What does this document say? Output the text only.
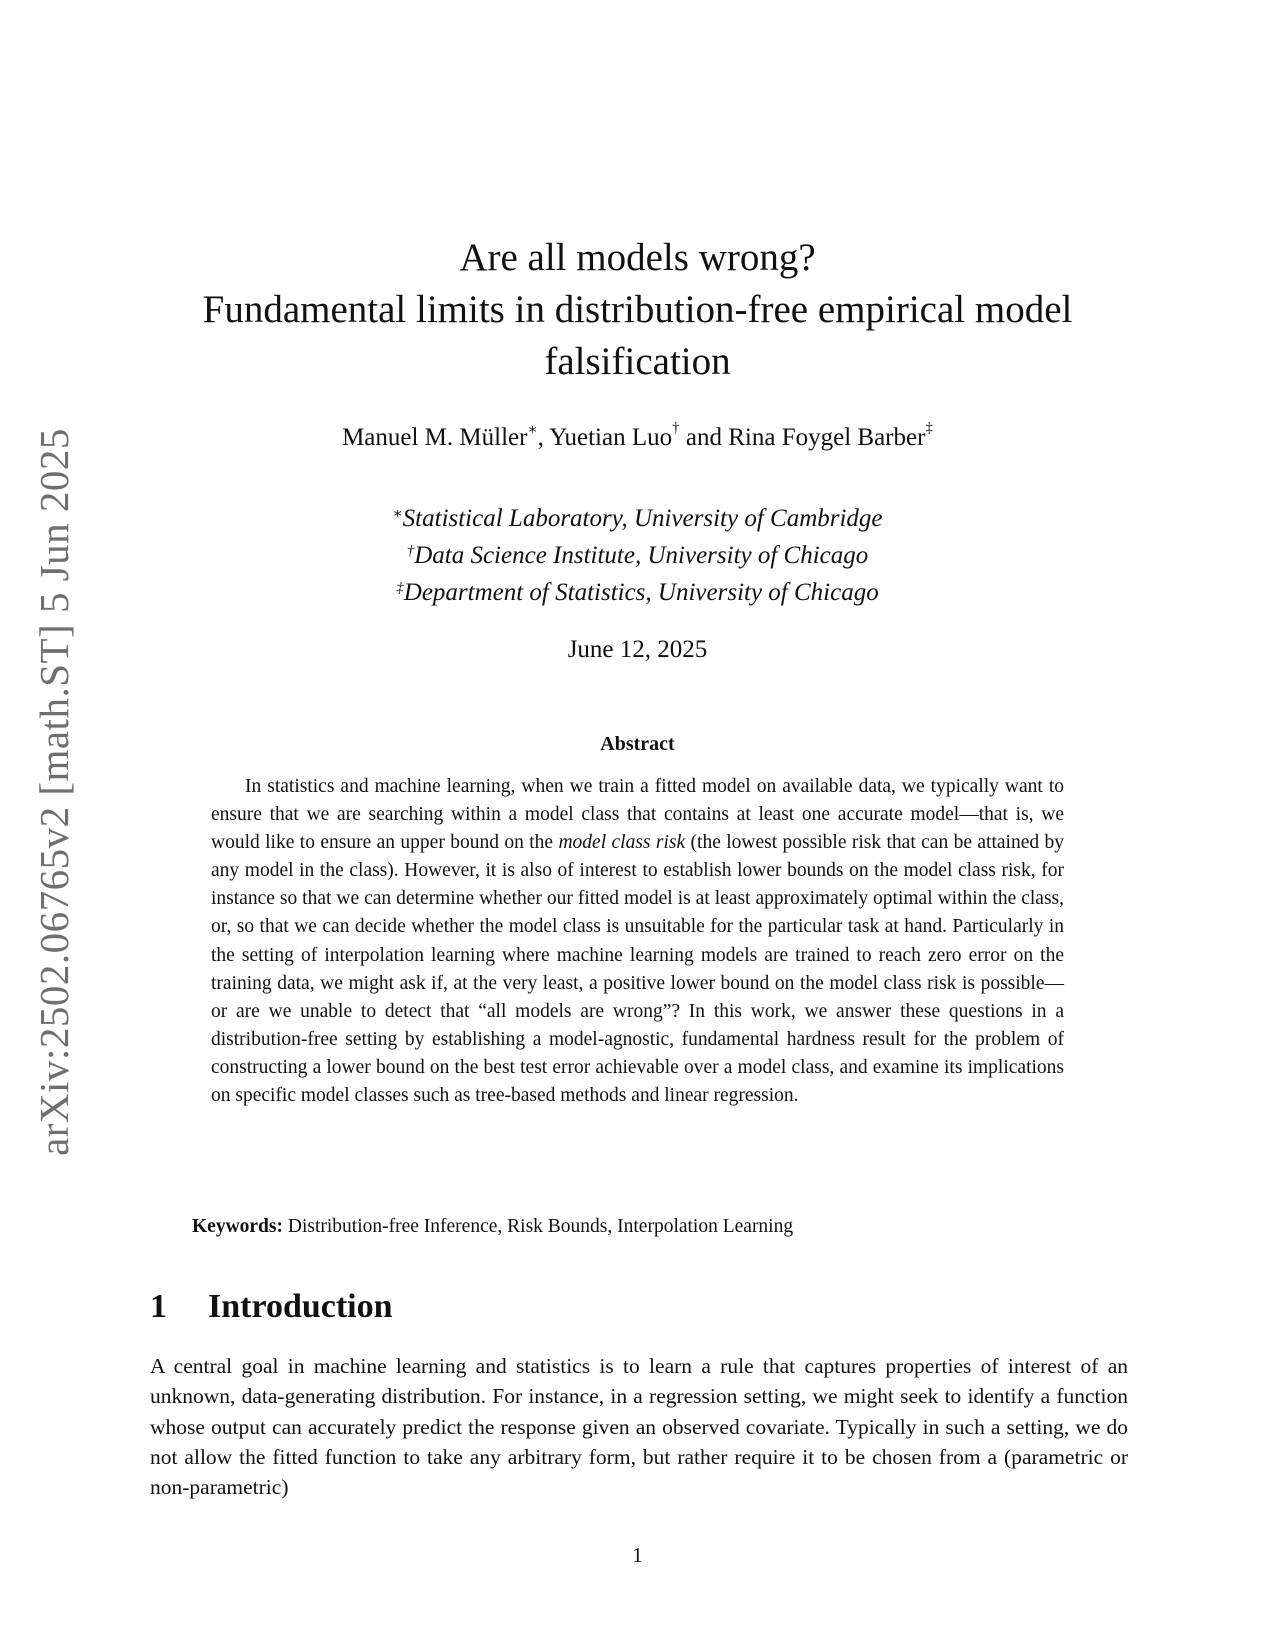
arXiv:2502.06765v2 [math.ST] 5 Jun 2025
Are all models wrong?
Fundamental limits in distribution-free empirical model
falsification
Manuel M. Müller∗, Yuetian Luo† and Rina Foygel Barber‡
∗Statistical Laboratory, University of Cambridge
†Data Science Institute, University of Chicago
‡Department of Statistics, University of Chicago
June 12, 2025
Abstract

In statistics and machine learning, when we train a fitted model on available data, we typically want to ensure that we are searching within a model class that contains at least one accurate model—that is, we would like to ensure an upper bound on the model class risk (the lowest possible risk that can be attained by any model in the class). However, it is also of interest to establish lower bounds on the model class risk, for instance so that we can determine whether our fitted model is at least approximately optimal within the class, or, so that we can decide whether the model class is unsuitable for the particular task at hand. Particularly in the setting of interpolation learning where machine learning models are trained to reach zero error on the training data, we might ask if, at the very least, a positive lower bound on the model class risk is possible—or are we unable to detect that “all models are wrong”? In this work, we answer these questions in a distribution-free setting by establishing a model-agnostic, fundamental hardness result for the problem of constructing a lower bound on the best test error achievable over a model class, and examine its implications on specific model classes such as tree-based methods and linear regression.

Keywords: Distribution-free Inference, Risk Bounds, Interpolation Learning
1 Introduction

A central goal in machine learning and statistics is to learn a rule that captures properties of interest of an unknown, data-generating distribution. For instance, in a regression setting, we might seek to identify a function whose output can accurately predict the response given an observed covariate. Typically in such a setting, we do not allow the fitted function to take any arbitrary form, but rather require it to be chosen from a (parametric or non-parametric)

1
